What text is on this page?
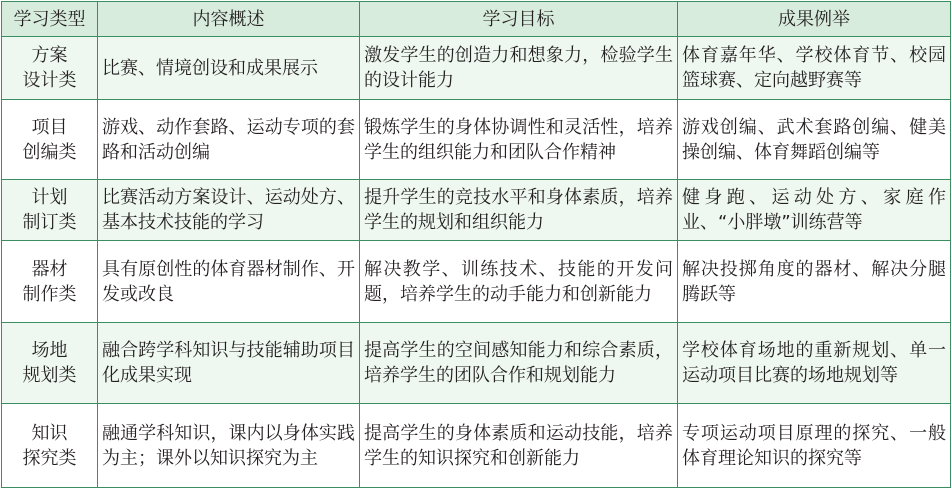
学习类型	内容概述	学习目标	成果例举
方案
设计类	比赛、情境创设和成果展示	激发学生的创造力和想象力，检验学生的设计能力	体育嘉年华、学校体育节、校园篮球赛、定向越野赛等
项目
创编类	游戏、动作套路、运动专项的套路和活动创编	锻炼学生的身体协调性和灵活性，培养学生的组织能力和团队合作精神	游戏创编、武术套路创编、健美操创编、体育舞蹈创编等
计划
制订类	比赛活动方案设计、运动处方、基本技术技能的学习	提升学生的竞技水平和身体素质，培养学生的规划和组织能力	健身跑、运动处方、家庭作业、“小胖墩”训练营等
器材
制作类	具有原创性的体育器材制作、开发或改良	解决教学、训练技术、技能的开发问题，培养学生的动手能力和创新能力	解决投掷角度的器材、解决分腿腾跃等
场地
规划类	融合跨学科知识与技能辅助项目化成果实现	提高学生的空间感知能力和综合素质，培养学生的团队合作和规划能力	学校体育场地的重新规划、单一运动项目比赛的场地规划等
知识
探究类	融通学科知识，课内以身体实践为主；课外以知识探究为主	提高学生的身体素质和运动技能，培养学生的知识探究和创新能力	专项运动项目原理的探究、一般体育理论知识的探究等
